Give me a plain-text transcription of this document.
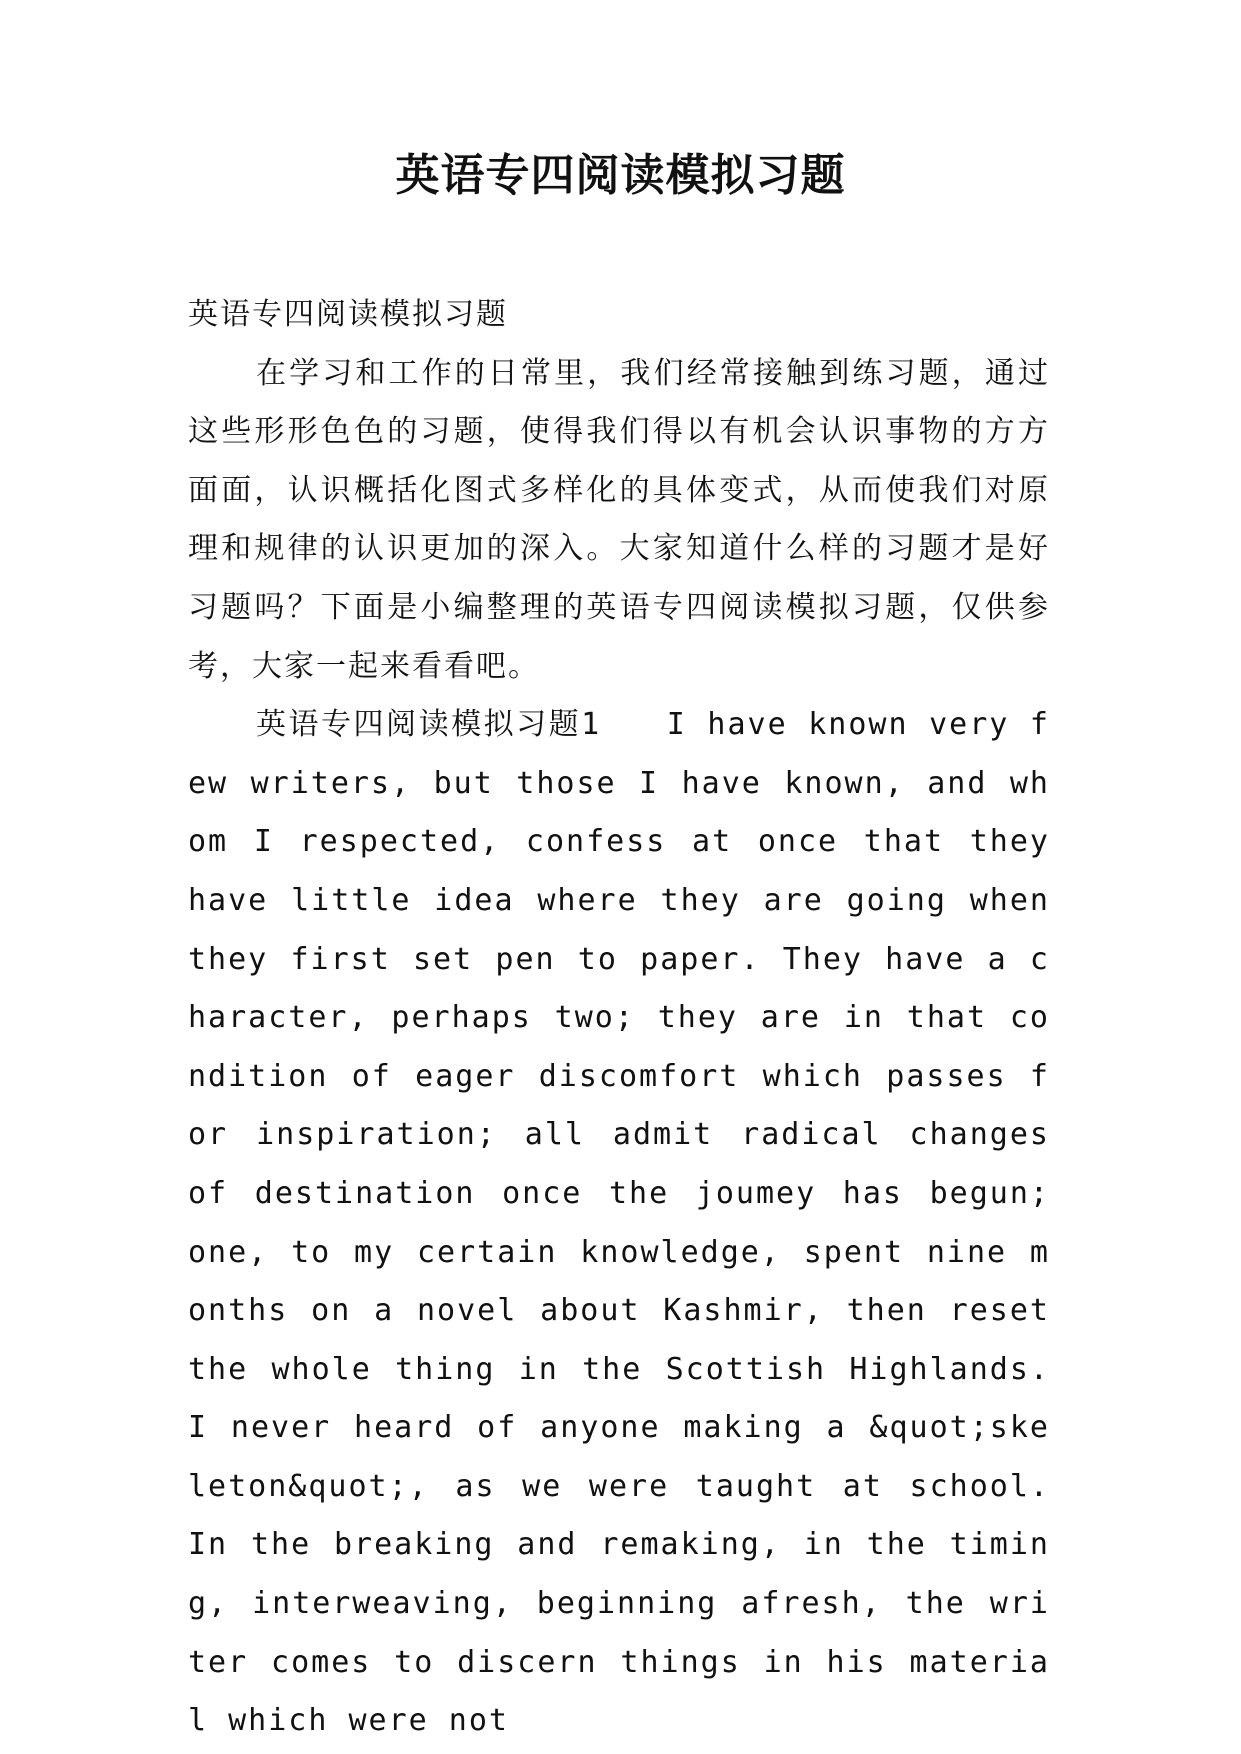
英语专四阅读模拟习题

英语专四阅读模拟习题

在学习和工作的日常里，我们经常接触到练习题，通过这些形形色色的习题，使得我们得以有机会认识事物的方方面面，认识概括化图式多样化的具体变式，从而使我们对原理和规律的认识更加的深入。大家知道什么样的习题才是好习题吗？下面是小编整理的英语专四阅读模拟习题，仅供参考，大家一起来看看吧。

英语专四阅读模拟习题1　　I have known very few writers, but those I have known, and whom I respected, confess at once that they have little idea where they are going when they first set pen to paper. They have a character, perhaps two; they are in that condition of eager discomfort which passes for inspiration; all admit radical changes of destination once the joumey has begun; one, to my certain knowledge, spent nine months on a novel about Kashmir, then reset the whole thing in the Scottish Highlands. I never heard of anyone making a &quot;skeleton&quot;, as we were taught at school. In the breaking and remaking, in the timing, interweaving, beginning afresh, the writer comes to discern things in his material which were not
